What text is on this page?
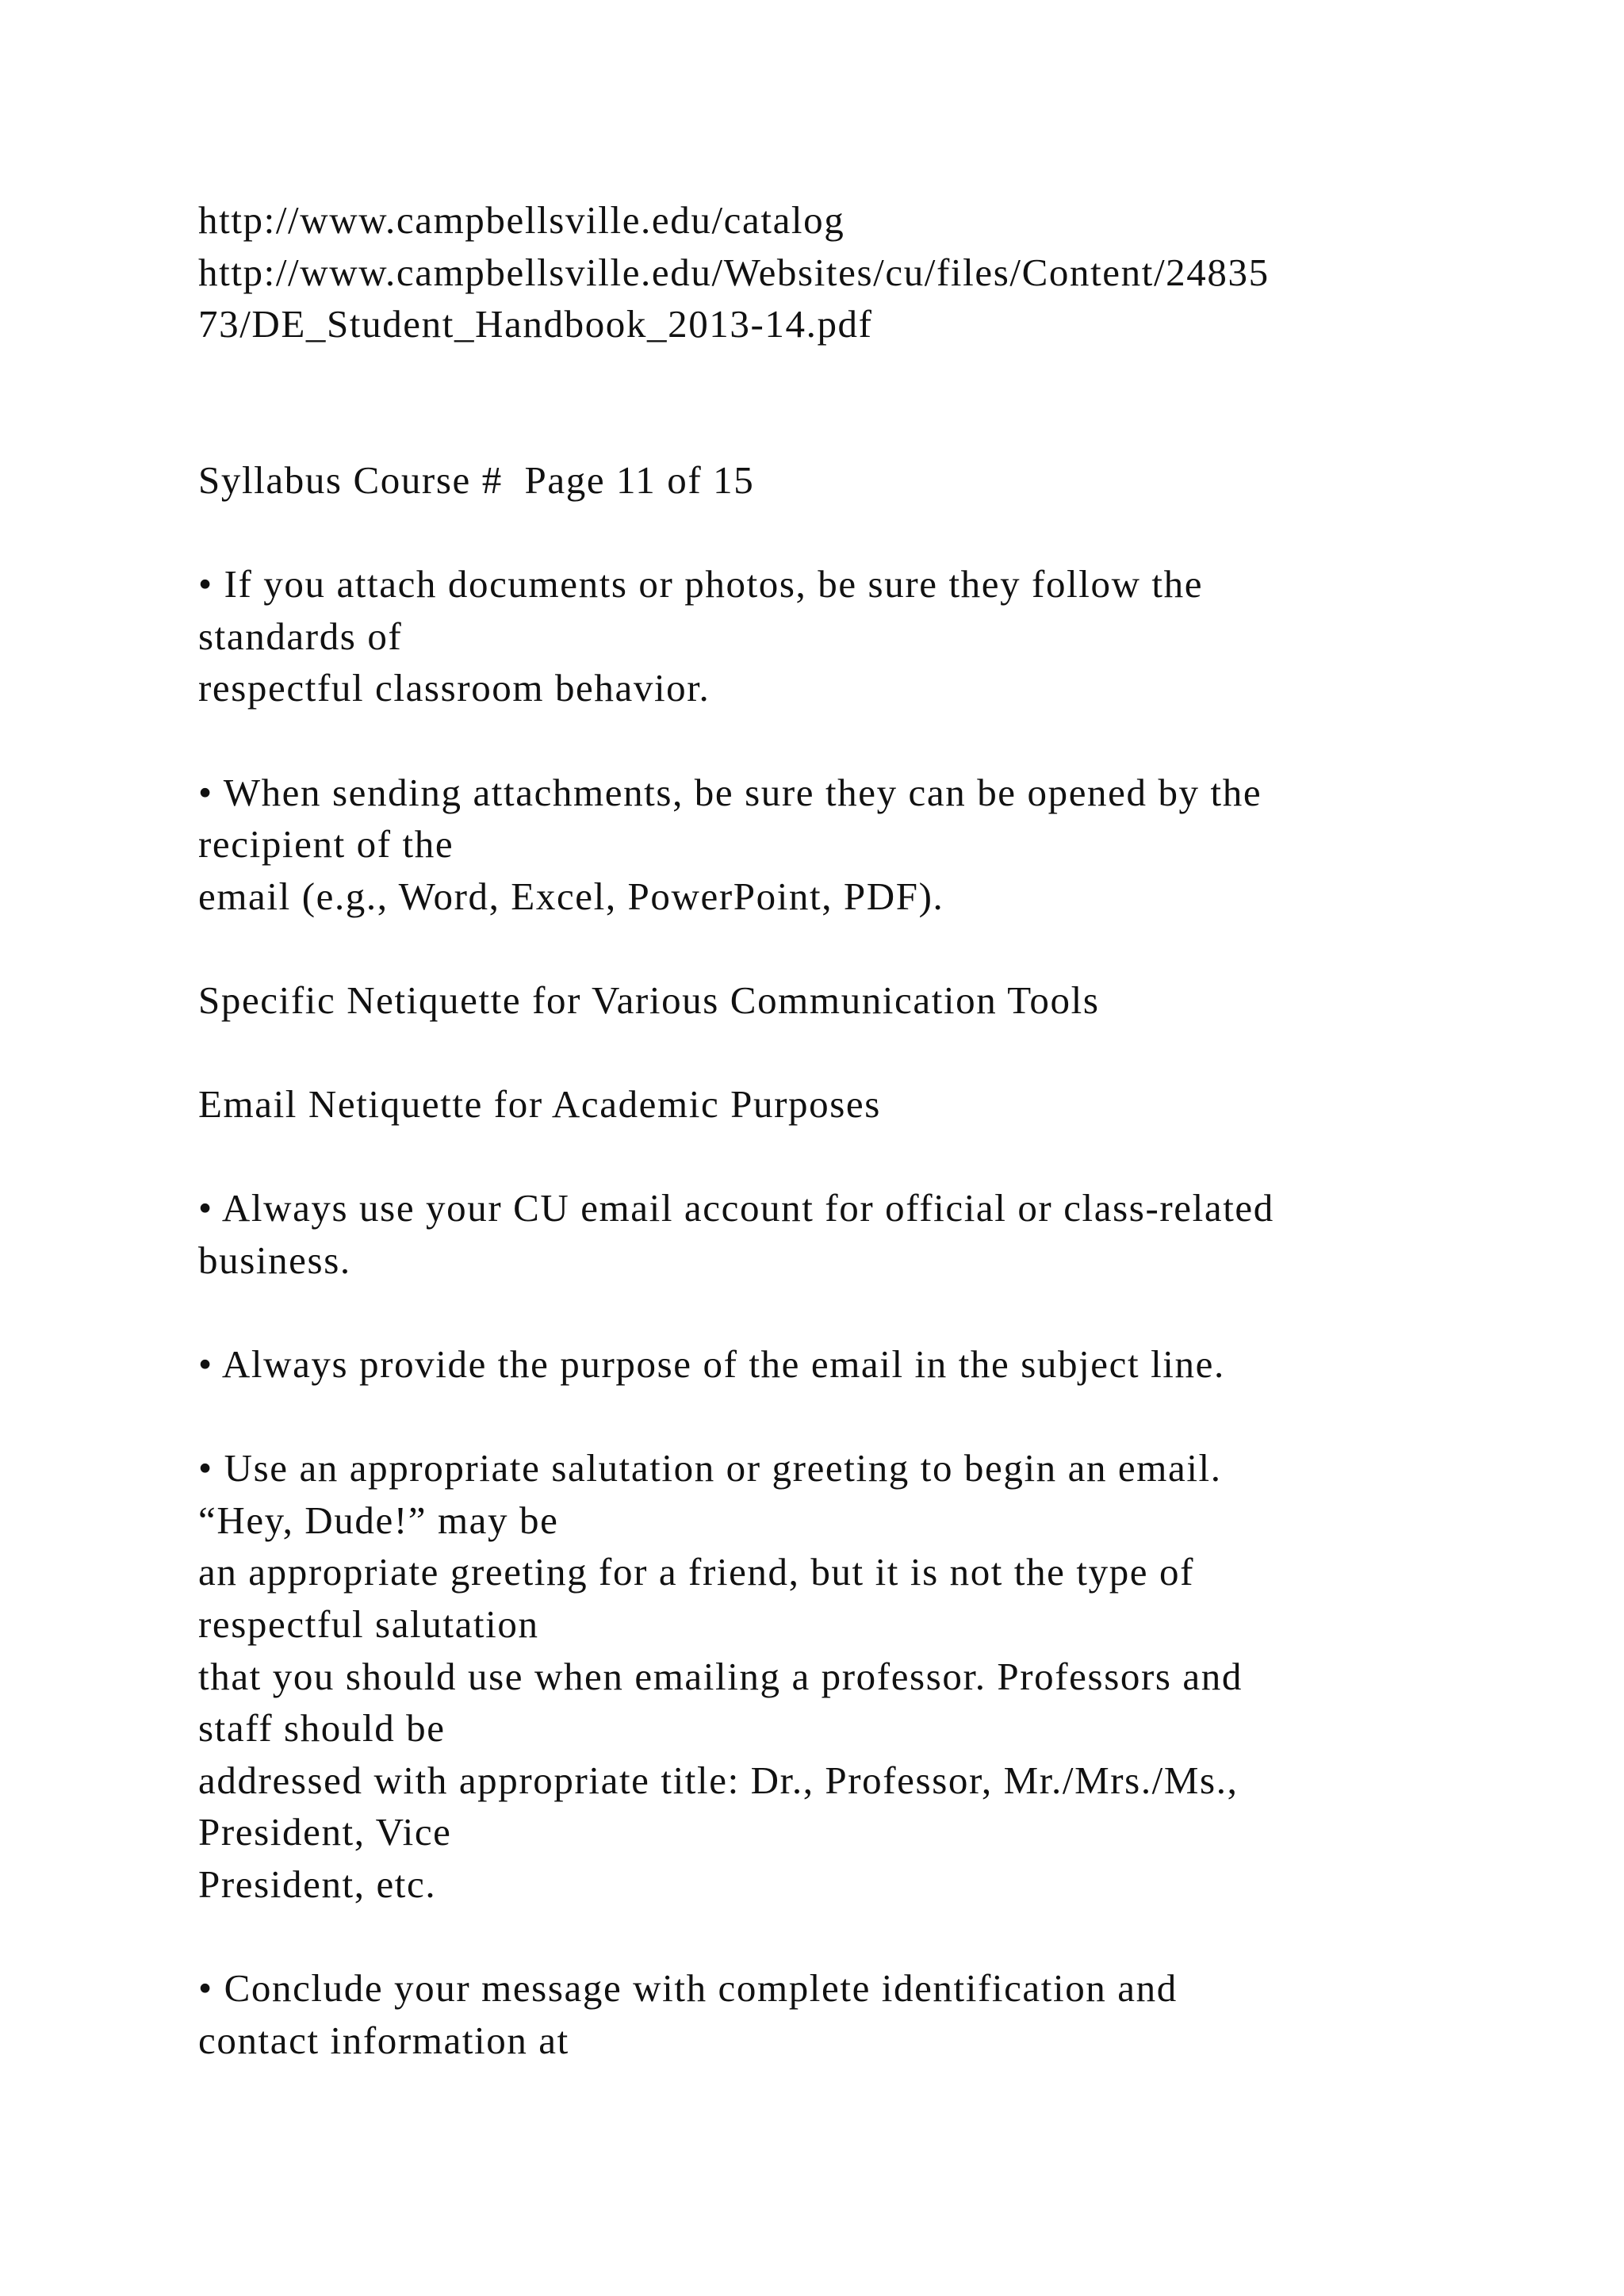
http://www.campbellsville.edu/catalog
http://www.campbellsville.edu/Websites/cu/files/Content/24835
73/DE_Student_Handbook_2013-14.pdf
Syllabus Course #  Page 11 of 15
• If you attach documents or photos, be sure they follow the
standards of
respectful classroom behavior.
• When sending attachments, be sure they can be opened by the
recipient of the
email (e.g., Word, Excel, PowerPoint, PDF).
Specific Netiquette for Various Communication Tools
Email Netiquette for Academic Purposes
• Always use your CU email account for official or class-related
business.
• Always provide the purpose of the email in the subject line.
• Use an appropriate salutation or greeting to begin an email.
“Hey, Dude!” may be
an appropriate greeting for a friend, but it is not the type of
respectful salutation
that you should use when emailing a professor. Professors and
staff should be
addressed with appropriate title: Dr., Professor, Mr./Mrs./Ms.,
President, Vice
President, etc.
• Conclude your message with complete identification and
contact information at
